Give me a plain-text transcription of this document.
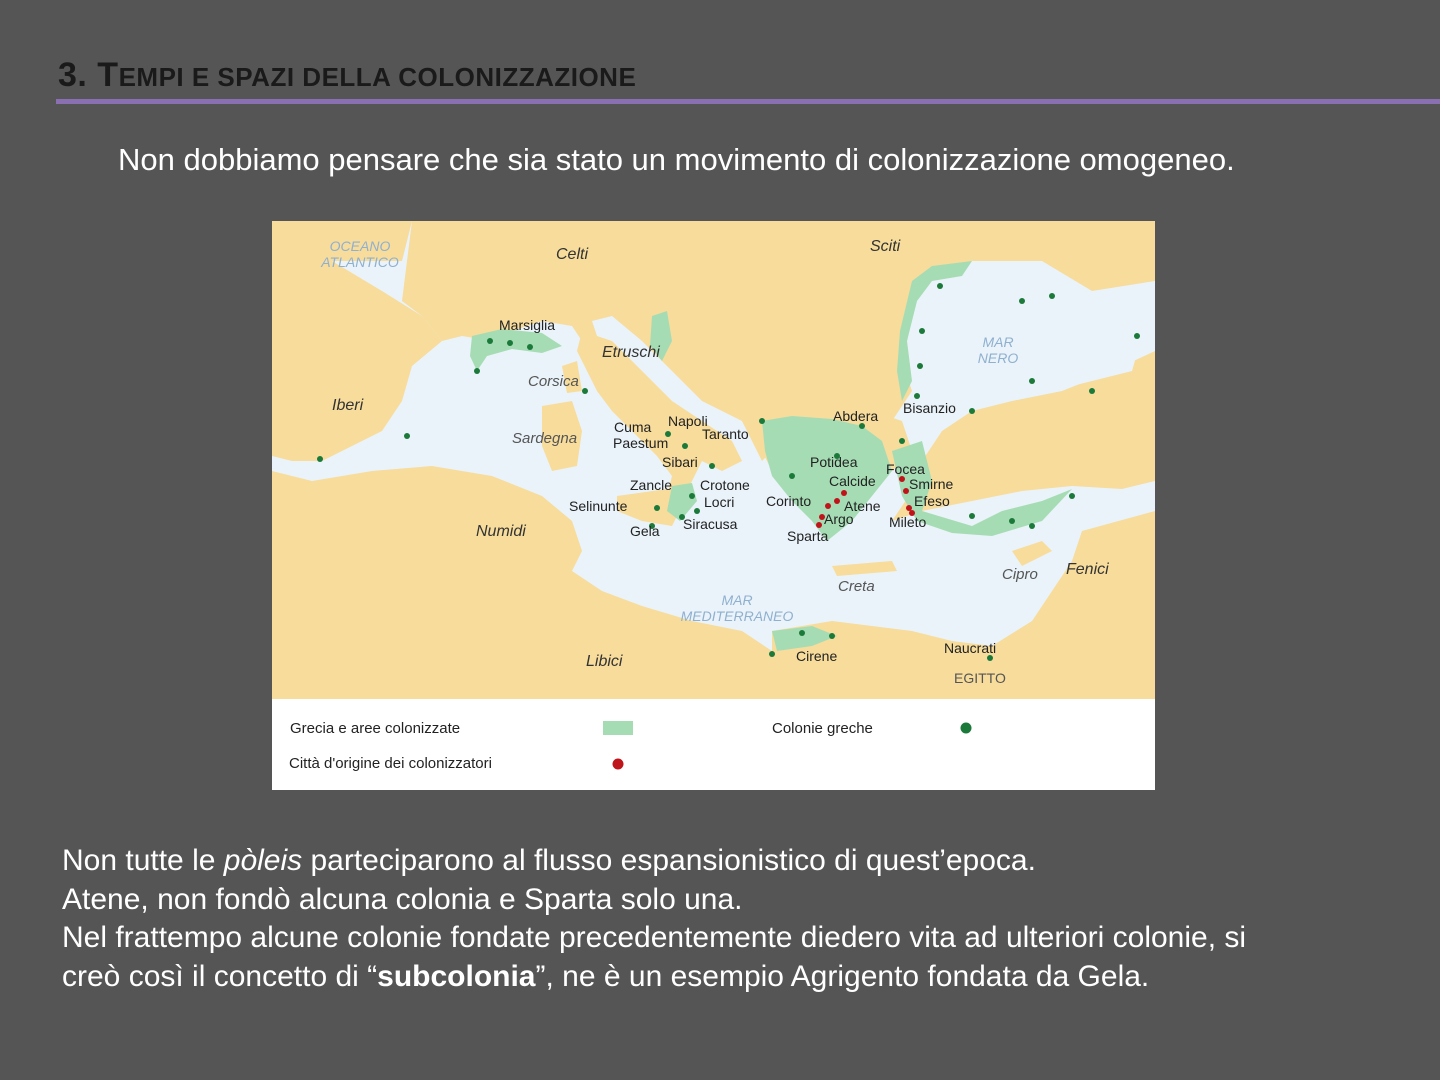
3. TEMPI E SPAZI DELLA COLONIZZAZIONE
Non dobbiamo pensare che sia stato un movimento di colonizzazione omogeneo.
OCEANO
ATLANTICO	Celti	Sciti
Iberi
Etruschi
Corsica
Sardegna
Numidi
Libici
MAR
NERO
MAR
MEDITERRANEO
Creta
Cipro Fenici
EGITTO
Marsiglia
Cuma Napoli
Taranto
Paestum
Sibari
Zancle Crotone
Locri
Selinunte
Gela Siracusa
Abdera Bisanzio
Potidea Focea
Calcide Smirne
Efeso
Corinto Atene
Argo	Mileto
Sparta
Cirene	Naucrati
Grecia e aree colonizzate	Colonie greche
Città d'origine dei colonizzatori

Non tutte le pòleis parteciparono al flusso espansionistico di quest’epoca.

Atene, non fondò alcuna colonia e Sparta solo una.

Nel frattempo alcune colonie fondate precedentemente diedero vita ad ulteriori colonie, si

creò così il concetto di “subcolonia”, ne è un esempio Agrigento fondata da Gela.
